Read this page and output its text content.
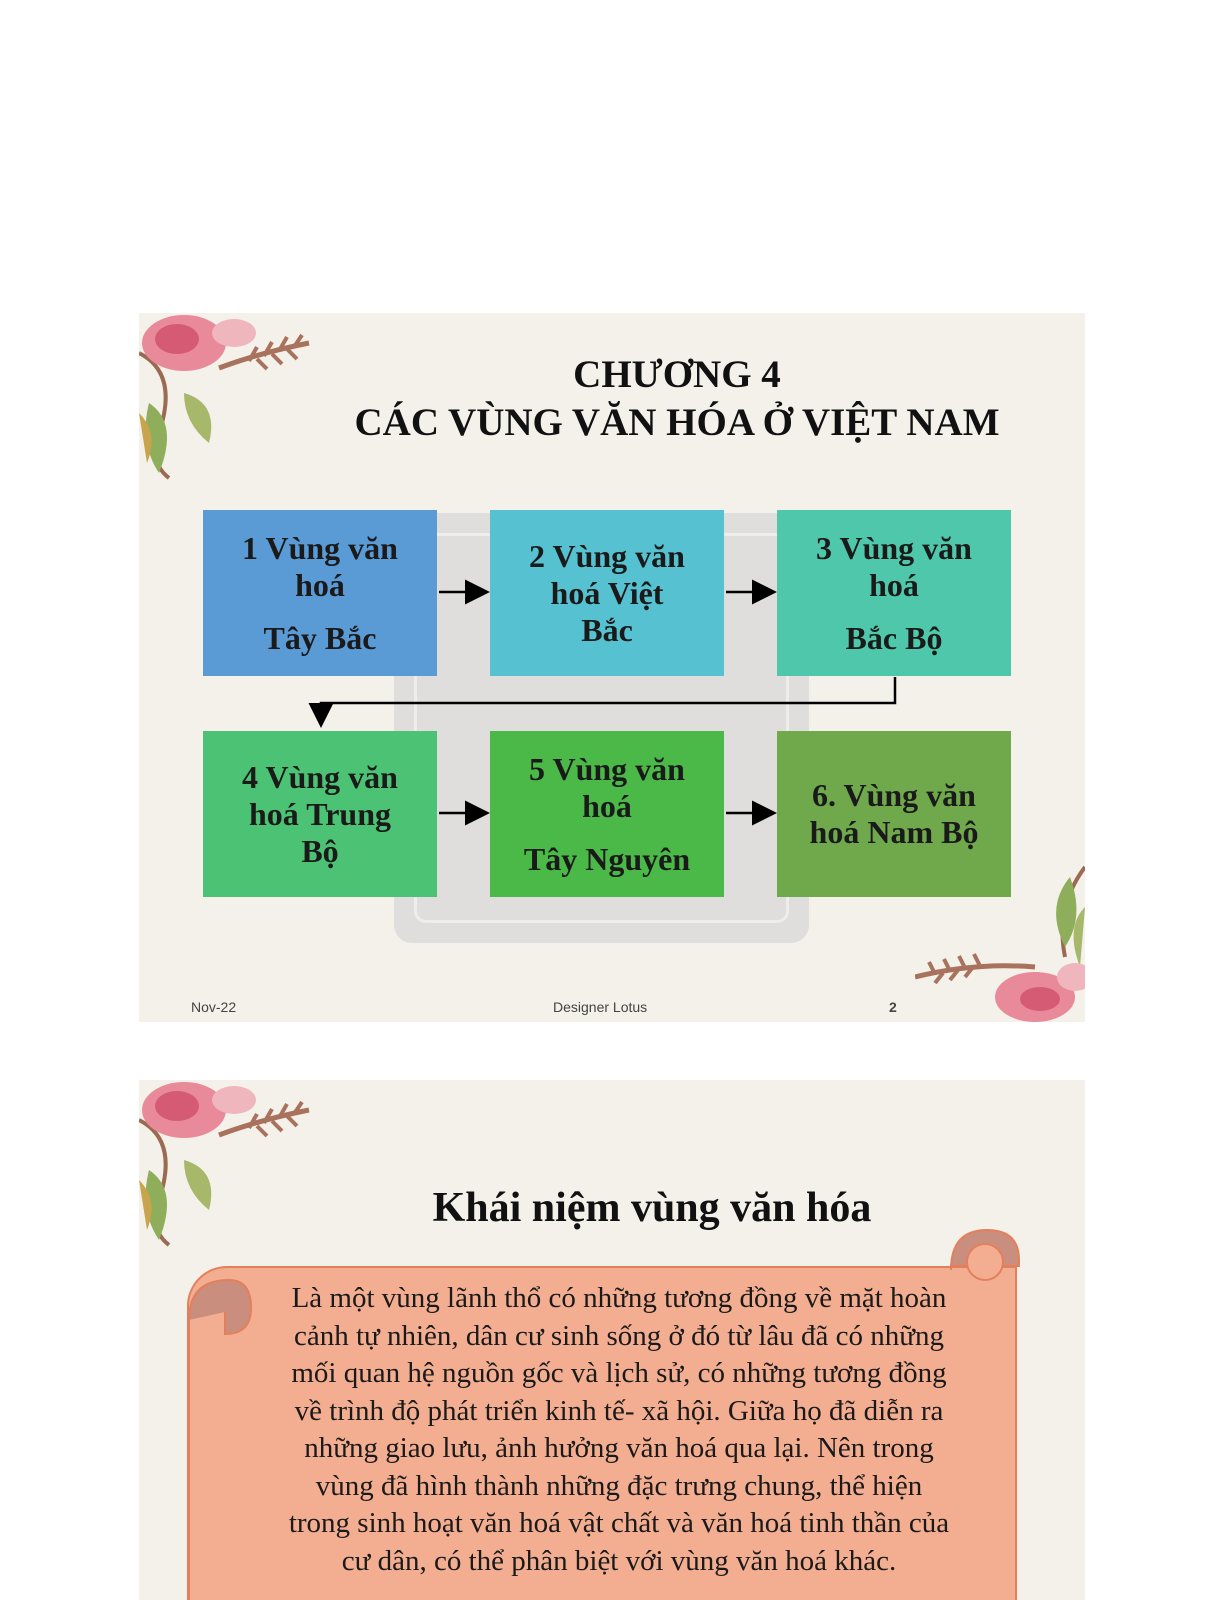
CHƯƠNG 4
CÁC VÙNG VĂN HÓA Ở VIỆT NAM
1 Vùng văn
hoá
Tây Bắc
2 Vùng văn
hoá Việt
Bắc
3 Vùng văn
hoá
Bắc Bộ
4 Vùng văn
hoá Trung
Bộ
5 Vùng văn
hoá
Tây Nguyên
6. Vùng văn
hoá Nam Bộ
Nov-22	Designer Lotus	2
Khái niệm vùng văn hóa

Là một vùng lãnh thổ có những tương đồng về mặt hoàn
cảnh tự nhiên, dân cư sinh sống ở đó từ lâu đã có những
mối quan hệ nguồn gốc và lịch sử, có những tương đồng
về trình độ phát triển kinh tế- xã hội. Giữa họ đã diễn ra
những giao lưu, ảnh hưởng văn hoá qua lại. Nên trong
vùng đã hình thành những đặc trưng chung, thể hiện
trong sinh hoạt văn hoá vật chất và văn hoá tinh thần của
cư dân, có thể phân biệt với vùng văn hoá khác.
